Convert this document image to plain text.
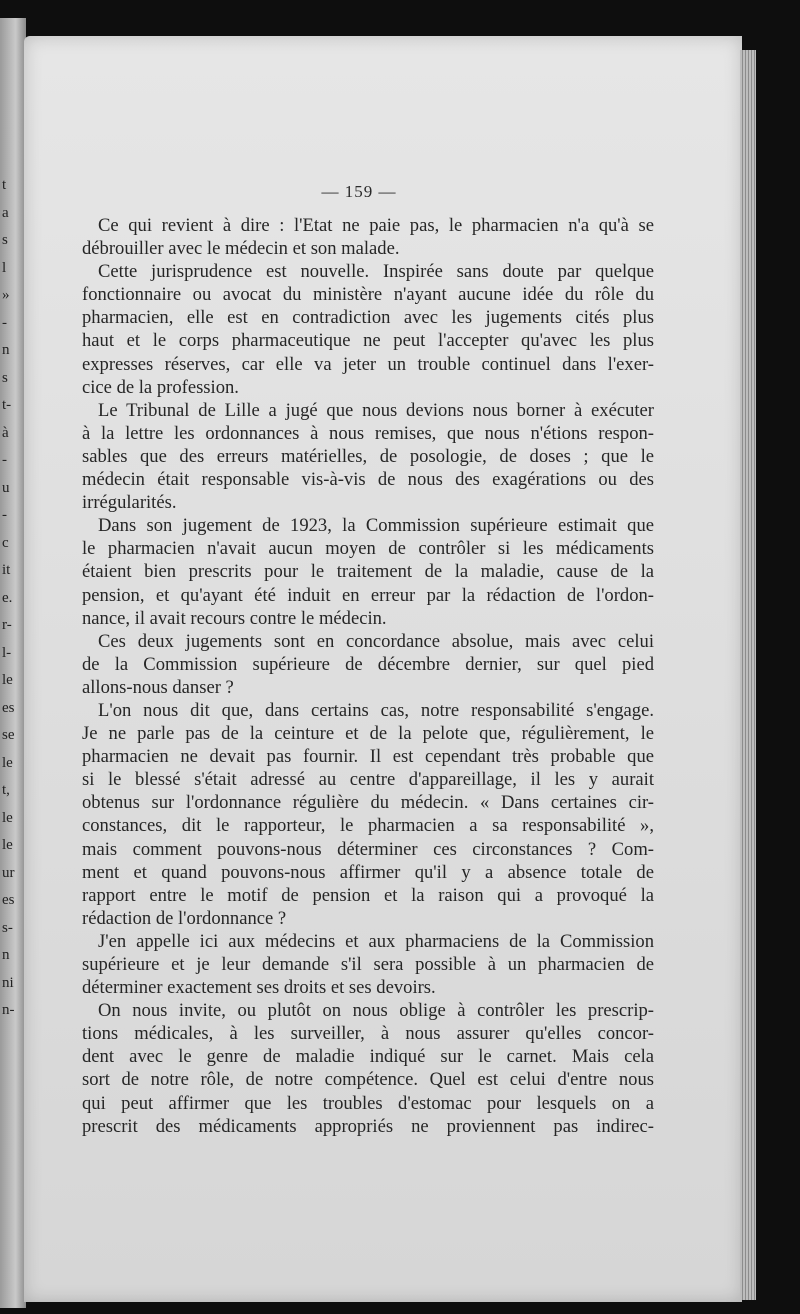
t
a
s
l
»
-
n
s
t-
à
-
u
-
c
it
e.
r-
l-
le
es
se
le
t,
le
le
ur
es
s-
n
ni
n-
— 159 —
Ce qui revient à dire : l'Etat ne paie pas, le pharmacien n'a qu'à se
débrouiller avec le médecin et son malade.
Cette jurisprudence est nouvelle. Inspirée sans doute par quelque
fonctionnaire ou avocat du ministère n'ayant aucune idée du rôle du
pharmacien, elle est en contradiction avec les jugements cités plus
haut et le corps pharmaceutique ne peut l'accepter qu'avec les plus
expresses réserves, car elle va jeter un trouble continuel dans l'exer-
cice de la profession.
Le Tribunal de Lille a jugé que nous devions nous borner à exécuter
à la lettre les ordonnances à nous remises, que nous n'étions respon-
sables que des erreurs matérielles, de posologie, de doses ; que le
médecin était responsable vis-à-vis de nous des exagérations ou des
irrégularités.
Dans son jugement de 1923, la Commission supérieure estimait que
le pharmacien n'avait aucun moyen de contrôler si les médicaments
étaient bien prescrits pour le traitement de la maladie, cause de la
pension, et qu'ayant été induit en erreur par la rédaction de l'ordon-
nance, il avait recours contre le médecin.
Ces deux jugements sont en concordance absolue, mais avec celui
de la Commission supérieure de décembre dernier, sur quel pied
allons-nous danser ?
L'on nous dit que, dans certains cas, notre responsabilité s'engage.
Je ne parle pas de la ceinture et de la pelote que, régulièrement, le
pharmacien ne devait pas fournir. Il est cependant très probable que
si le blessé s'était adressé au centre d'appareillage, il les y aurait
obtenus sur l'ordonnance régulière du médecin. « Dans certaines cir-
constances, dit le rapporteur, le pharmacien a sa responsabilité »,
mais comment pouvons-nous déterminer ces circonstances ? Com-
ment et quand pouvons-nous affirmer qu'il y a absence totale de
rapport entre le motif de pension et la raison qui a provoqué la
rédaction de l'ordonnance ?
J'en appelle ici aux médecins et aux pharmaciens de la Commission
supérieure et je leur demande s'il sera possible à un pharmacien de
déterminer exactement ses droits et ses devoirs.
On nous invite, ou plutôt on nous oblige à contrôler les prescrip-
tions médicales, à les surveiller, à nous assurer qu'elles concor-
dent avec le genre de maladie indiqué sur le carnet. Mais cela
sort de notre rôle, de notre compétence. Quel est celui d'entre nous
qui peut affirmer que les troubles d'estomac pour lesquels on a
prescrit des médicaments appropriés ne proviennent pas indirec-
